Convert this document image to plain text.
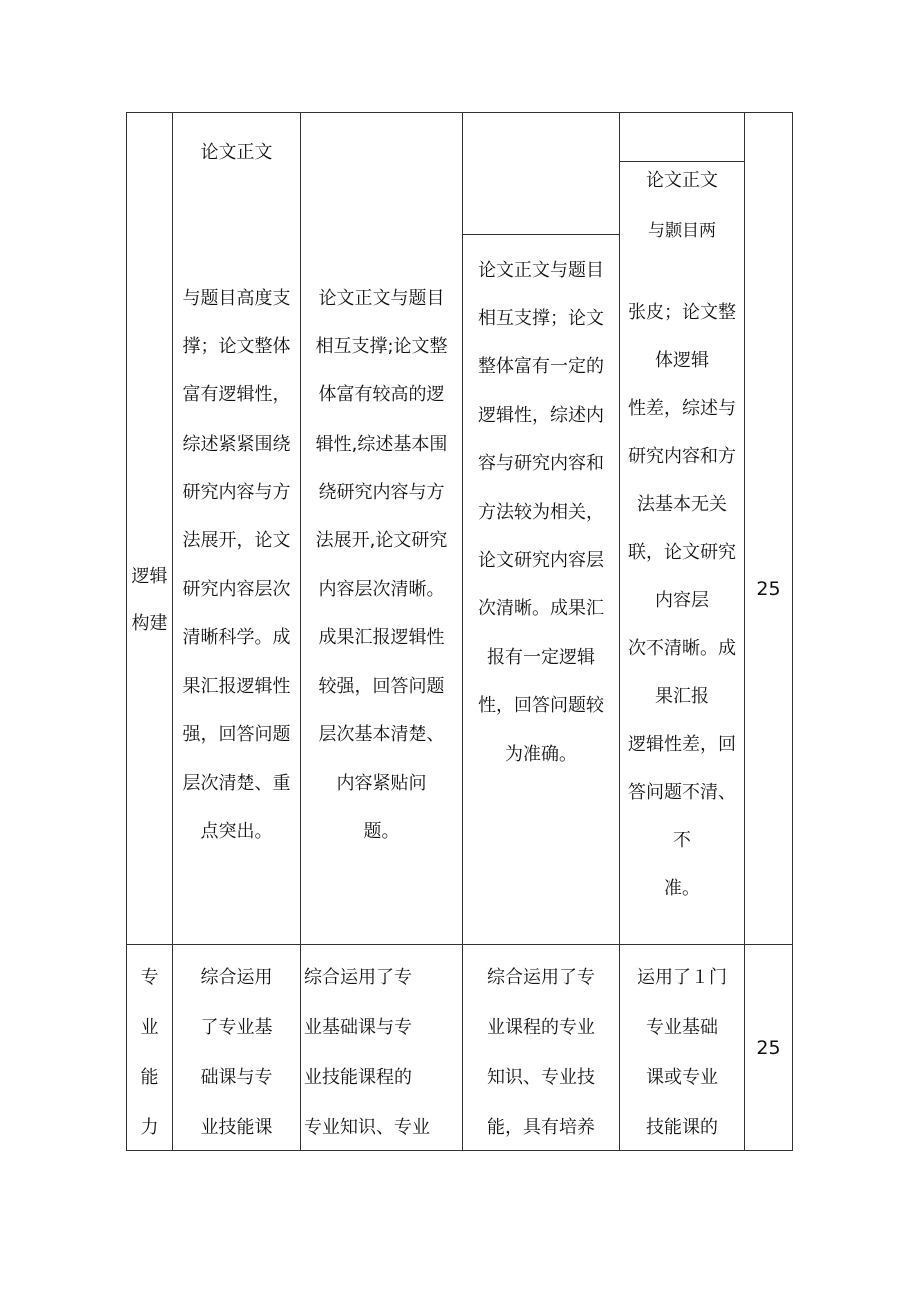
逻辑
构建
论文正文
与题目高度支
撑；论文整体
富有逻辑性，
综述紧紧围绕
研究内容与方
法展开，论文
研究内容层次
清晰科学。成
果汇报逻辑性
强，回答问题
层次清楚、重
点突出。
论文正文与题目
相互支撑;论文整
体富有较高的逻
辑性,综述基本围
绕研究内容与方
法展开,论文研究
内容层次清晰。
成果汇报逻辑性
较强，回答问题
层次基本清楚、
内容紧贴问
题。
论文正文与题目
相互支撑；论文
整体富有一定的
逻辑性，综述内
容与研究内容和
方法较为相关，
论文研究内容层
次清晰。成果汇
报有一定逻辑
性，回答问题较
为准确。
论文正文
与颢目两
张皮；论文整
体逻辑
性差，综述与
研究内容和方
法基本无关
联，论文研究
内容层
次不清晰。成
果汇报
逻辑性差，回
答问题不清、
不
准。
25
专
业
能
力
综合运用
了专业基
础课与专
业技能课
综合运用了专
业基础课与专
业技能课程的
专业知识、专业
综合运用了专
业课程的专业
知识、专业技
能，具有培养
运用了１门
专业基础
课或专业
技能课的
25
